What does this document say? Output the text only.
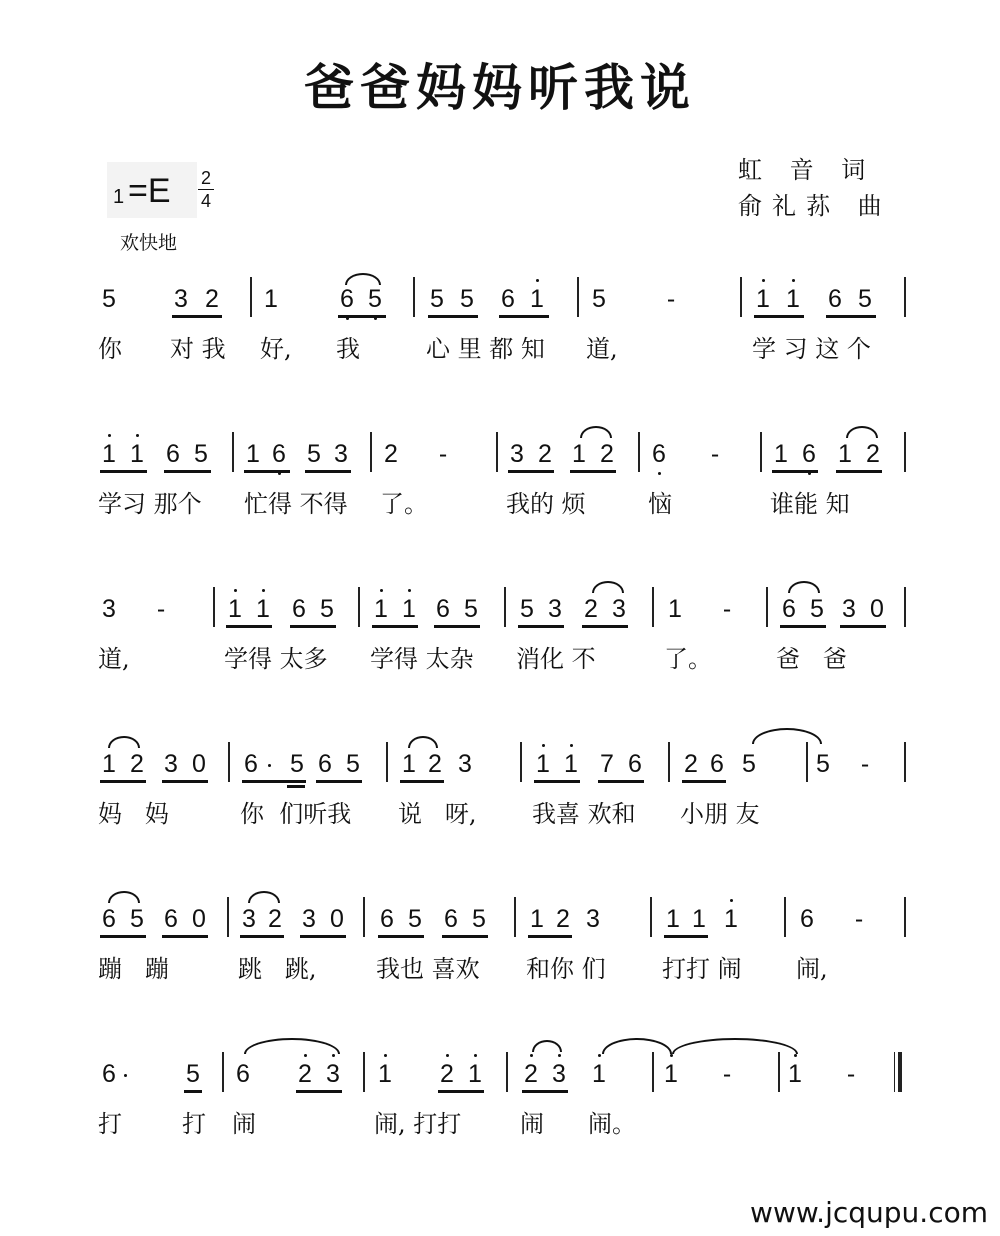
爸爸妈妈听我说
1 =E 2
4
欢快地
虹 音 词
俞礼荪 曲
5 3 2 1 6 5 5 5 6 1 5 -	1 1 6 5
你 对 我 好, 我	心 里 都 知 道,	学 习 这 个
1 1 6 5 1 6 5 3 2 -	3 2 1 2 6 - 1 6 1 2
学习 那个 忙得 不得 了。	我的 烦	恼	谁能 知
3 -	1 1 6 5 1 1 6 5 5 3 2 3 1 - 6 5 3 0
道,	学得 太多 学得 太杂 消化 不	了。	爸   爸
1 2 3 0 6 5 6 5 1 2 3	1 1 7 6 2 6 5 5 -
妈   妈	你  们听我 说   呀, 我喜 欢和 小朋 友
6 5 6 0 3 2 3 0 6 5 6 5 1 2 3	1 1 1 6 -
蹦   蹦	跳   跳, 我也 喜欢 和你 们 打打 闹 闹,
6	5 6 2 3 1 2 1 2 3 1 1 - 1 -
打	打 闹	闹, 打打 闹 闹。
www.jcqupu.com
